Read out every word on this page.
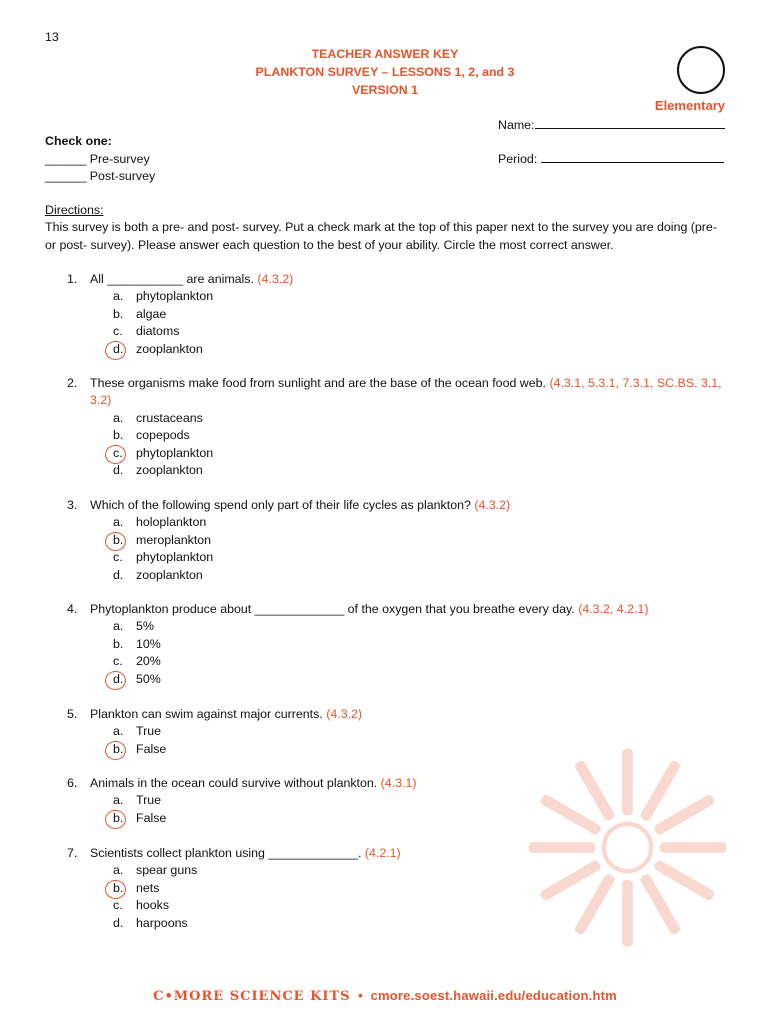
13
TEACHER ANSWER KEY
PLANKTON SURVEY – LESSONS 1, 2, and 3
VERSION 1
Elementary
Name:
Period:
Check one:
______ Pre-survey
______ Post-survey
Directions:
This survey is both a pre- and post- survey. Put a check mark at the top of this paper next to the survey you are doing (pre- or post- survey). Please answer each question to the best of your ability. Circle the most correct answer.
1. All ___________ are animals. (4.3.2)
a. phytoplankton
b. algae
c.	diatoms
d. zooplankton
2. These organisms make food from sunlight and are the base of the ocean food web. (4.3.1, 5.3.1, 7.3.1, SC.BS. 3.1, 3.2)
a. crustaceans
b. copepods
c.	phytoplankton
d. zooplankton
3. Which of the following spend only part of their life cycles as plankton? (4.3.2)
a. holoplankton
b. meroplankton
c.	phytoplankton
d. zooplankton
4. Phytoplankton produce about _____________ of the oxygen that you breathe every day. (4.3.2, 4.2.1)
a. 5%
b. 10%
c.	20%
d. 50%
5. Plankton can swim against major currents. (4.3.2)
a. True
b. False
6. Animals in the ocean could survive without plankton. (4.3.1)
a. True
b. False
7. Scientists collect plankton using _____________. (4.2.1)
a. spear guns
b. nets
c.	hooks
d. harpoons
C•MORE SCIENCE KITS • cmore.soest.hawaii.edu/education.htm
